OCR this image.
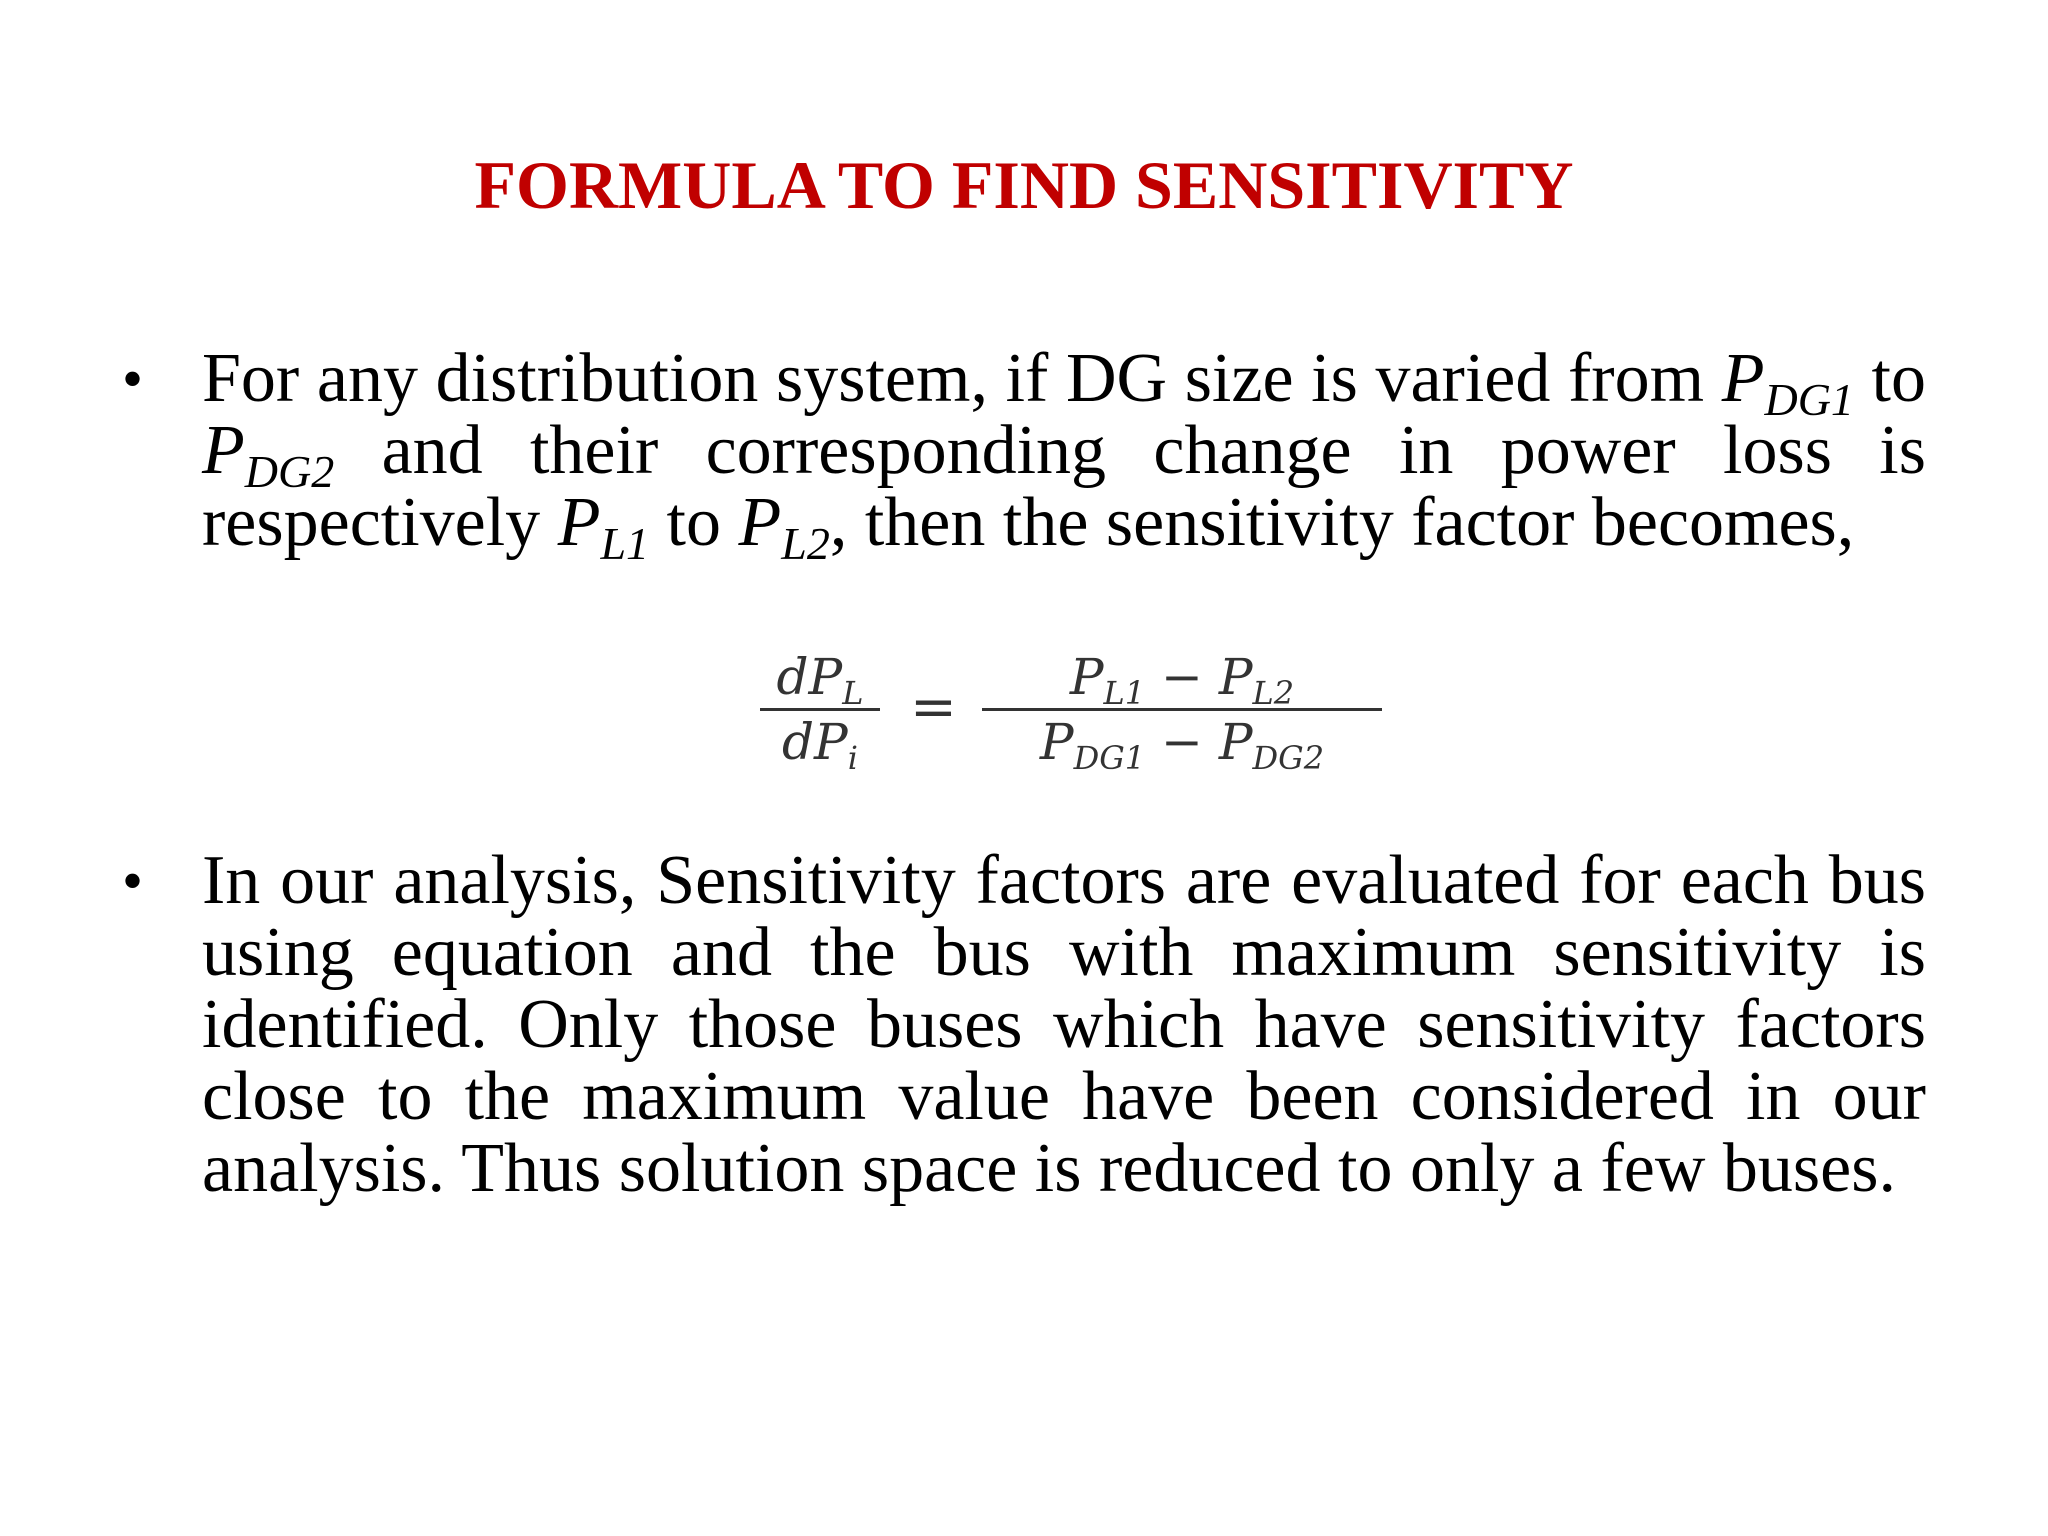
FORMULA TO FIND SENSITIVITY
• For any distribution system, if DG size is varied from $P_{DG1}$ to $P_{DG2}$ and their corresponding change in power loss is respectively $P_{L1}$ to $P_{L2}$, then the sensitivity factor becomes,
$dP_L$
$dP_i$
=	$P_{L1} - P_{L2}$
$P_{DG1} - P_{DG2}$
• In our analysis, Sensitivity factors are evaluated for each bus using equation and the bus with maximum sensitivity is identified. Only those buses which have sensitivity factors close to the maximum value have been considered in our analysis. Thus solution space is reduced to only a few buses.
